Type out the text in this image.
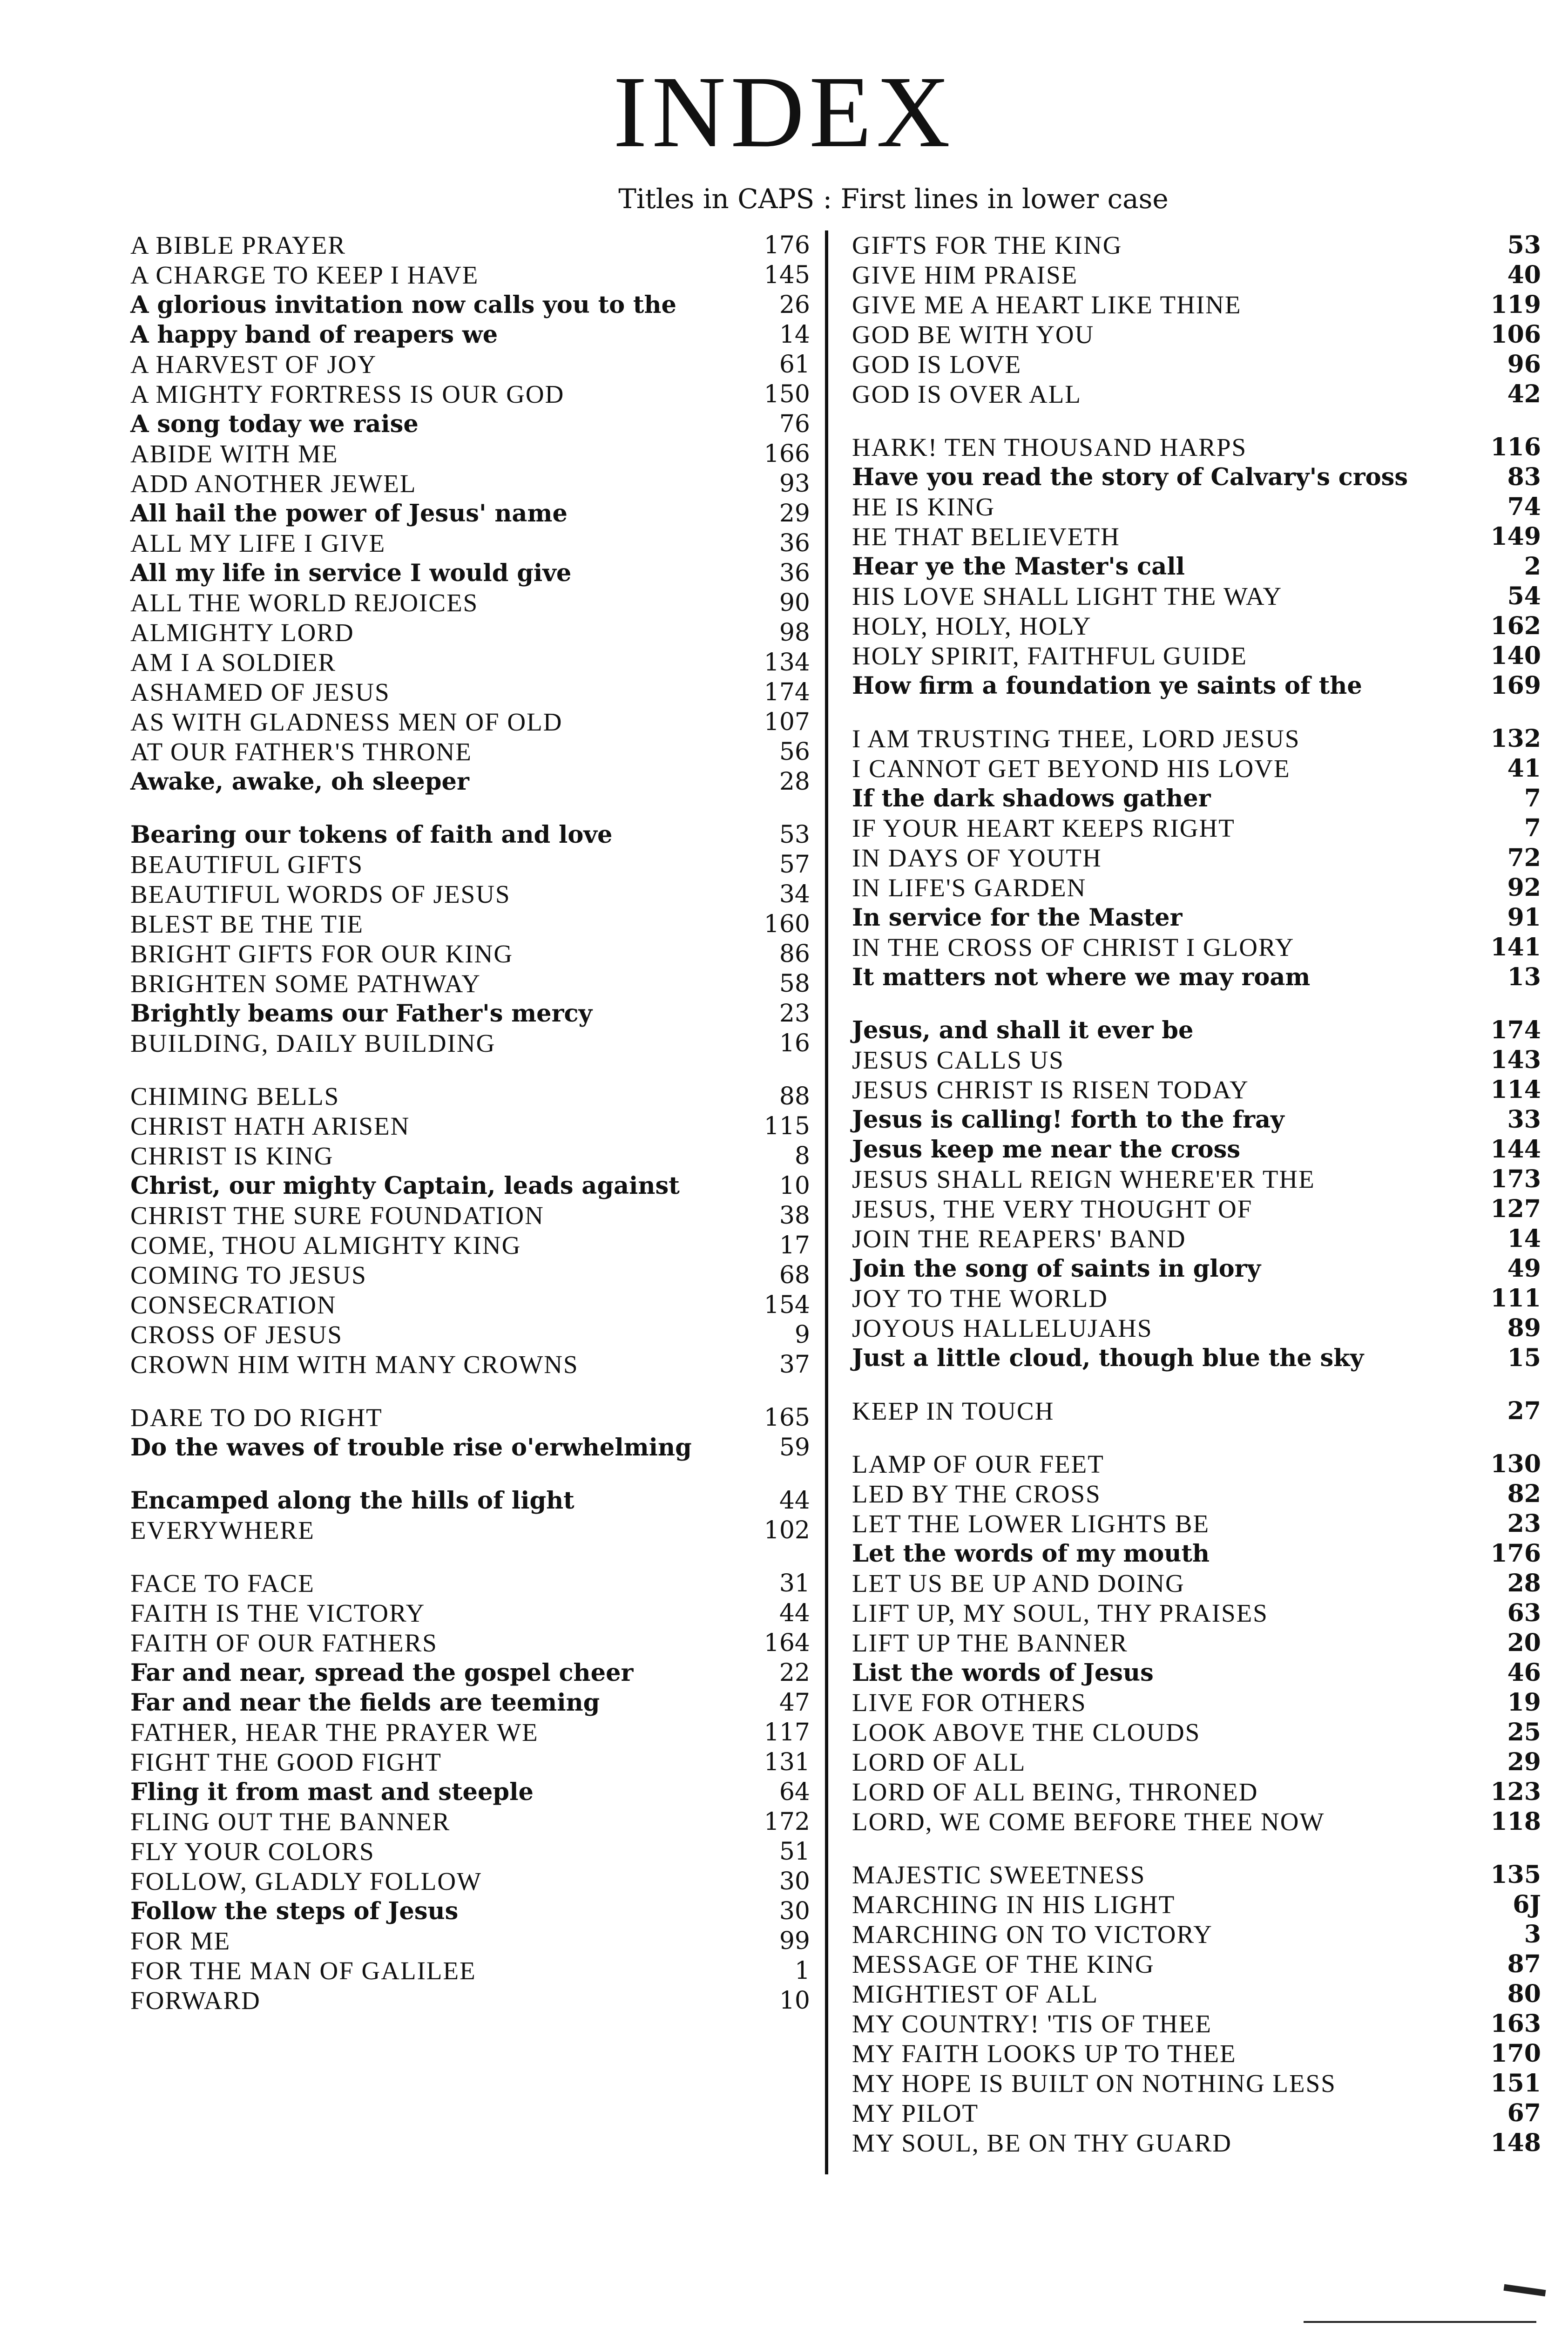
INDEX
Titles in CAPS : First lines in lower case
A BIBLE PRAYER	176
A CHARGE TO KEEP I HAVE	145
A glorious invitation now calls you to the	26
A happy band of reapers we	14
A HARVEST OF JOY	61
A MIGHTY FORTRESS IS OUR GOD	150
A song today we raise	76
ABIDE WITH ME	166
ADD ANOTHER JEWEL	93
All hail the power of Jesus' name	29
ALL MY LIFE I GIVE	36
All my life in service I would give	36
ALL THE WORLD REJOICES	90
ALMIGHTY LORD	98
AM I A SOLDIER	134
ASHAMED OF JESUS	174
AS WITH GLADNESS MEN OF OLD	107
AT OUR FATHER'S THRONE	56
Awake, awake, oh sleeper	28
Bearing our tokens of faith and love	53
BEAUTIFUL GIFTS	57
BEAUTIFUL WORDS OF JESUS	34
BLEST BE THE TIE	160
BRIGHT GIFTS FOR OUR KING	86
BRIGHTEN SOME PATHWAY	58
Brightly beams our Father's mercy	23
BUILDING, DAILY BUILDING	16
CHIMING BELLS	88
CHRIST HATH ARISEN	115
CHRIST IS KING	8
Christ, our mighty Captain, leads against	10
CHRIST THE SURE FOUNDATION	38
COME, THOU ALMIGHTY KING	17
COMING TO JESUS	68
CONSECRATION	154
CROSS OF JESUS	9
CROWN HIM WITH MANY CROWNS	37
DARE TO DO RIGHT	165
Do the waves of trouble rise o'erwhelming	59
Encamped along the hills of light	44
EVERYWHERE	102
FACE TO FACE	31
FAITH IS THE VICTORY	44
FAITH OF OUR FATHERS	164
Far and near, spread the gospel cheer	22
Far and near the fields are teeming	47
FATHER, HEAR THE PRAYER WE	117
FIGHT THE GOOD FIGHT	131
Fling it from mast and steeple	64
FLING OUT THE BANNER	172
FLY YOUR COLORS	51
FOLLOW, GLADLY FOLLOW	30
Follow the steps of Jesus	30
FOR ME	99
FOR THE MAN OF GALILEE	1
FORWARD	10
GIFTS FOR THE KING	53
GIVE HIM PRAISE	40
GIVE ME A HEART LIKE THINE	119
GOD BE WITH YOU	106
GOD IS LOVE	96
GOD IS OVER ALL	42
HARK! TEN THOUSAND HARPS	116
Have you read the story of Calvary's cross	83
HE IS KING	74
HE THAT BELIEVETH	149
Hear ye the Master's call	2
HIS LOVE SHALL LIGHT THE WAY	54
HOLY, HOLY, HOLY	162
HOLY SPIRIT, FAITHFUL GUIDE	140
How firm a foundation ye saints of the	169
I AM TRUSTING THEE, LORD JESUS	132
I CANNOT GET BEYOND HIS LOVE	41
If the dark shadows gather	7
IF YOUR HEART KEEPS RIGHT	7
IN DAYS OF YOUTH	72
IN LIFE'S GARDEN	92
In service for the Master	91
IN THE CROSS OF CHRIST I GLORY	141
It matters not where we may roam	13
Jesus, and shall it ever be	174
JESUS CALLS US	143
JESUS CHRIST IS RISEN TODAY	114
Jesus is calling! forth to the fray	33
Jesus keep me near the cross	144
JESUS SHALL REIGN WHERE'ER THE	173
JESUS, THE VERY THOUGHT OF	127
JOIN THE REAPERS' BAND	14
Join the song of saints in glory	49
JOY TO THE WORLD	111
JOYOUS HALLELUJAHS	89
Just a little cloud, though blue the sky	15
KEEP IN TOUCH	27
LAMP OF OUR FEET	130
LED BY THE CROSS	82
LET THE LOWER LIGHTS BE	23
Let the words of my mouth	176
LET US BE UP AND DOING	28
LIFT UP, MY SOUL, THY PRAISES	63
LIFT UP THE BANNER	20
List the words of Jesus	46
LIVE FOR OTHERS	19
LOOK ABOVE THE CLOUDS	25
LORD OF ALL	29
LORD OF ALL BEING, THRONED	123
LORD, WE COME BEFORE THEE NOW	118
MAJESTIC SWEETNESS	135
MARCHING IN HIS LIGHT	6J
MARCHING ON TO VICTORY	3
MESSAGE OF THE KING	87
MIGHTIEST OF ALL	80
MY COUNTRY! 'TIS OF THEE	163
MY FAITH LOOKS UP TO THEE	170
MY HOPE IS BUILT ON NOTHING LESS	151
MY PILOT	67
MY SOUL, BE ON THY GUARD	148
